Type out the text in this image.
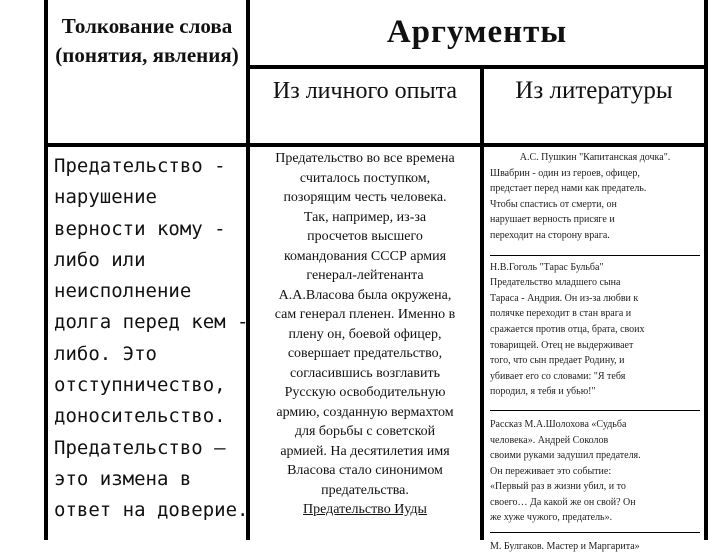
Толкование слова (понятия, явления)
Аргументы
Из личного опыта	Из литературы
Предательство -
нарушение
верности кому -
либо или
неисполнение
долга перед кем -
либо. Это
отступничество,
доносительство.
Предательство –
это измена в
ответ на доверие.
Предательство во все времена
считалось поступком,
позорящим честь человека.
Так, например, из-за
просчетов высшего
командования СССР армия
генерал-лейтенанта
А.А.Власова была окружена,
сам генерал пленен. Именно в
плену он, боевой офицер,
совершает предательство,
согласившись возглавить
Русскую освободительную
армию, созданную вермахтом
для борьбы с советской
армией. На десятилетия имя
Власова стало синонимом
предательства.
Предательство Иуды

А.С. Пушкин "Капитанская дочка".

Швабрин - один из героев, офицер,

предстает перед нами как предатель.

Чтобы спастись от смерти, он

нарушает верность присяге и

переходит на сторону врага.

Н.В.Гоголь "Тарас Бульба"

Предательство младшего сына

Тараса - Андрия. Он из-за любви к

полячке переходит в стан врага и

сражается против отца, брата, своих

товарищей. Отец не выдерживает

того, что сын предает Родину, и

убивает его со словами: "Я тебя

породил, я тебя и убью!"

Рассказ М.А.Шолохова «Судьба

человека». Андрей Соколов

своими руками задушил предателя.

Он переживает это событие:

«Первый раз в жизни убил, и то

своего… Да какой же он свой? Он

же хуже чужого, предатель».

М. Булгаков. Мастер и Маргарита»
